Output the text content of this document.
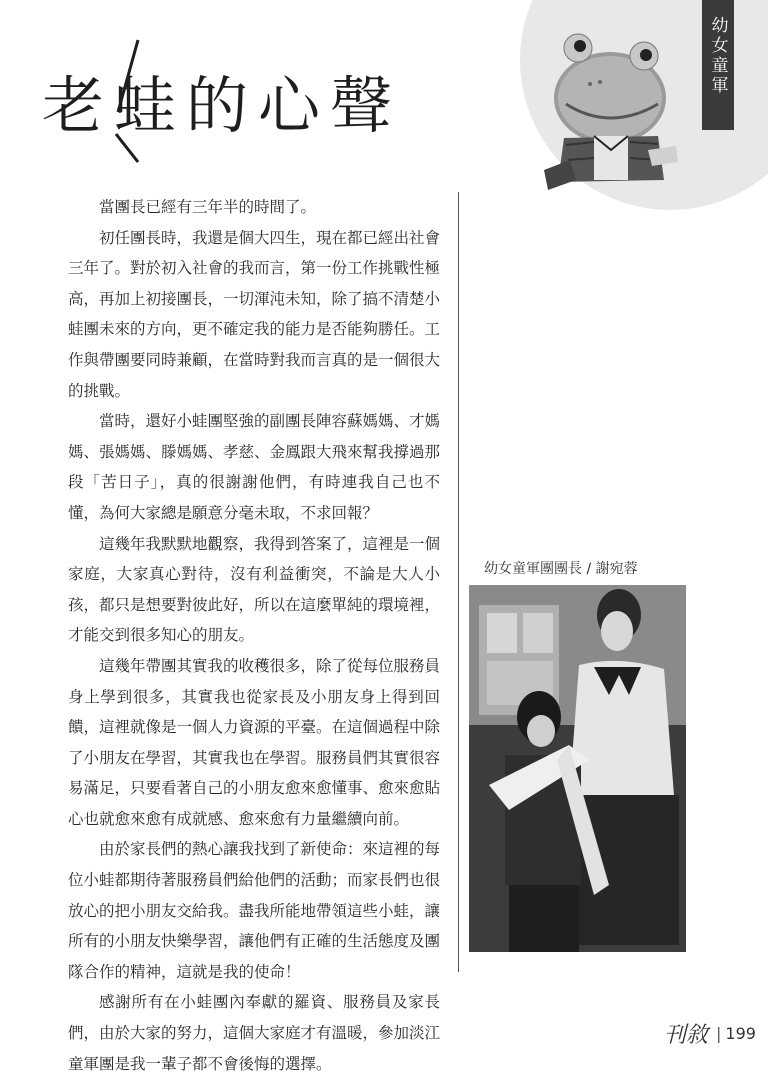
幼女童軍
老
蛙的心聲

當團長已經有三年半的時間了。

初任團長時，我還是個大四生，現在都已經出社會三年了。對於初入社會的我而言，第一份工作挑戰性極高，再加上初接團長，一切渾沌未知，除了搞不清楚小蛙團未來的方向，更不確定我的能力是否能夠勝任。工作與帶團要同時兼顧，在當時對我而言真的是一個很大的挑戰。

當時，還好小蛙團堅強的副團長陣容蘇媽媽、才媽媽、張媽媽、滕媽媽、孝慈、金鳳跟大飛來幫我撐過那段「苦日子」，真的很謝謝他們，有時連我自己也不懂，為何大家總是願意分毫未取，不求回報？

這幾年我默默地觀察，我得到答案了，這裡是一個家庭，大家真心對待，沒有利益衝突，不論是大人小孩，都只是想要對彼此好，所以在這麼單純的環境裡，才能交到很多知心的朋友。

這幾年帶團其實我的收穫很多，除了從每位服務員身上學到很多，其實我也從家長及小朋友身上得到回饋，這裡就像是一個人力資源的平臺。在這個過程中除了小朋友在學習，其實我也在學習。服務員們其實很容易滿足，只要看著自己的小朋友愈來愈懂事、愈來愈貼心也就愈來愈有成就感、愈來愈有力量繼續向前。

由於家長們的熱心讓我找到了新使命：來這裡的每位小蛙都期待著服務員們給他們的活動；而家長們也很放心的把小朋友交給我。盡我所能地帶領這些小蛙，讓所有的小朋友快樂學習，讓他們有正確的生活態度及團隊合作的精神，這就是我的使命！

感謝所有在小蛙團內奉獻的羅資、服務員及家長們，由於大家的努力，這個大家庭才有溫暖，參加淡江童軍團是我一輩子都不會後悔的選擇。

幼女童軍團團長 / 謝宛蓉
刊敘 | 199
